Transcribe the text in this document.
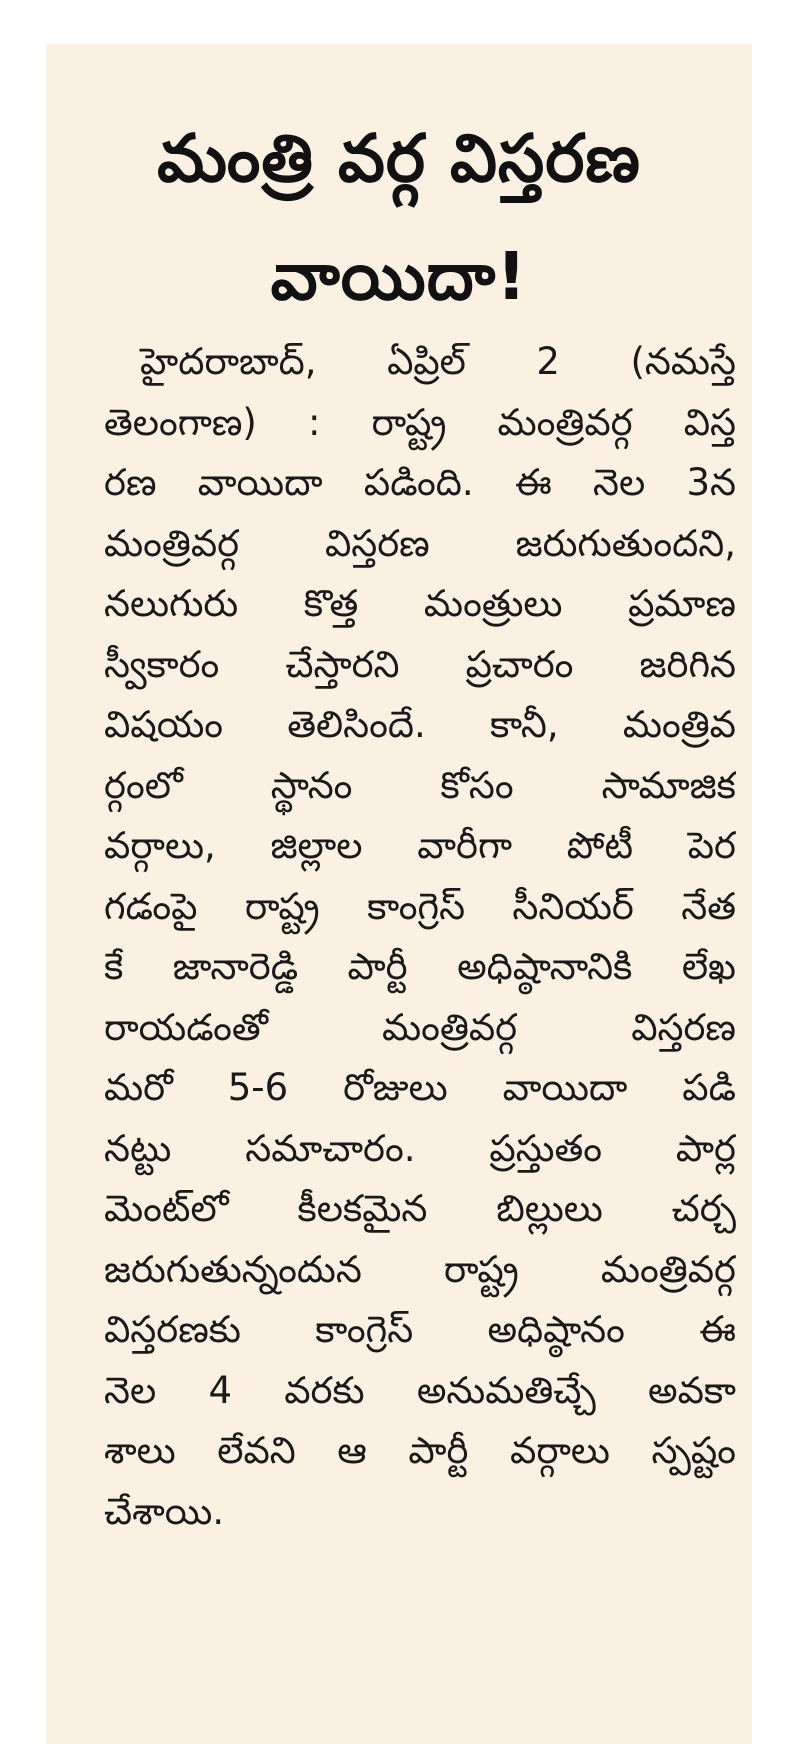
మంత్రి వర్గ విస్తరణ
వాయిదా!
హైదరాబాద్, ఏప్రిల్ 2 (నమస్తే
తెలంగాణ) : రాష్ట్ర మంత్రివర్గ విస్త
రణ వాయిదా పడింది. ఈ నెల 3న
మంత్రివర్గ విస్తరణ జరుగుతుందని,
నలుగురు కొత్త మంత్రులు ప్రమాణ
స్వీకారం చేస్తారని ప్రచారం జరిగిన
విషయం తెలిసిందే. కానీ, మంత్రివ
ర్గంలో స్థానం కోసం సామాజిక
వర్గాలు, జిల్లాల వారీగా పోటీ పెర
గడంపై రాష్ట్ర కాంగ్రెస్ సీనియర్ నేత
కే జానారెడ్డి పార్టీ అధిష్ఠానానికి లేఖ
రాయడంతో మంత్రివర్గ విస్తరణ
మరో 5-6 రోజులు వాయిదా పడి
నట్టు సమాచారం. ప్రస్తుతం పార్ల
మెంట్‌లో కీలకమైన బిల్లులు చర్చ
జరుగుతున్నందున రాష్ట్ర మంత్రివర్గ
విస్తరణకు కాంగ్రెస్ అధిష్ఠానం ఈ
నెల 4 వరకు అనుమతిచ్చే అవకా
శాలు లేవని ఆ పార్టీ వర్గాలు స్పష్టం
చేశాయి.
